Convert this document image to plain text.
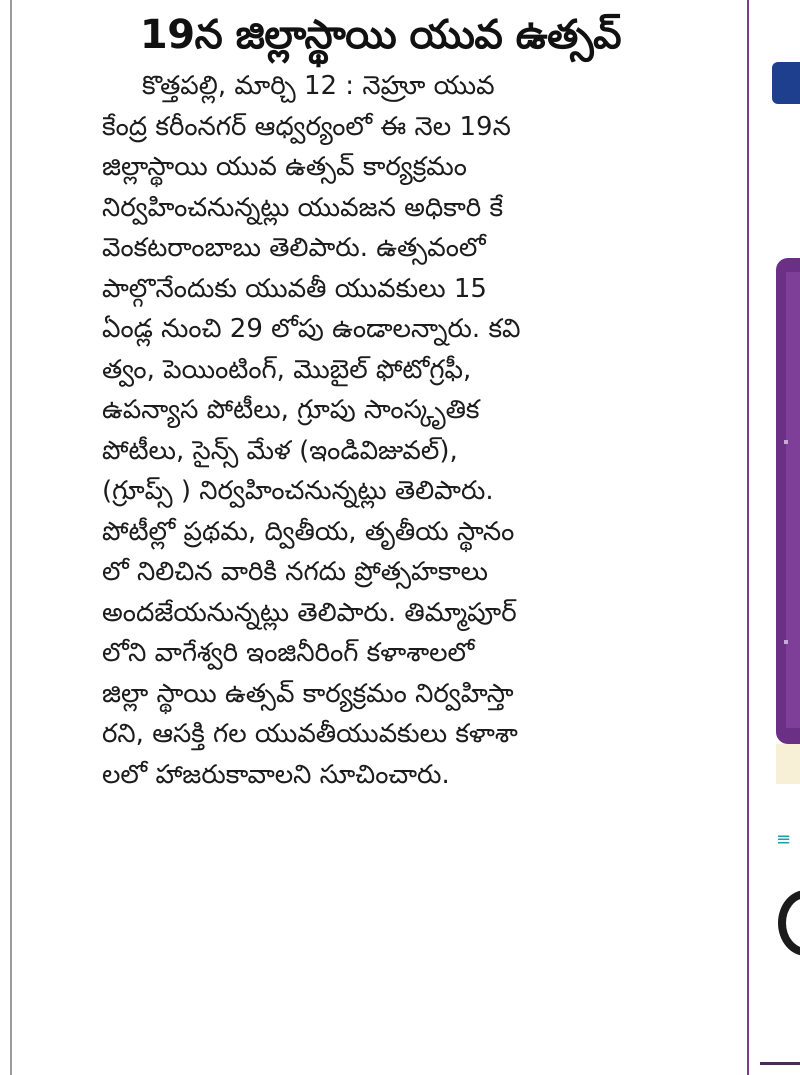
19న జిల్లాస్థాయి యువ ఉత్సవ్
కొత్తపల్లి, మార్చి 12 : నెహ్రూ యువ
కేంద్ర కరీంనగర్ ఆధ్వర్యంలో ఈ నెల 19న
జిల్లాస్థాయి యువ ఉత్సవ్ కార్యక్రమం
నిర్వహించనున్నట్లు యువజన అధికారి కే
వెంకటరాంబాబు తెలిపారు. ఉత్సవంలో
పాల్గొనేందుకు యువతీ యువకులు 15
ఏండ్ల నుంచి 29 లోపు ఉండాలన్నారు. కవి
త్వం, పెయింటింగ్, మొబైల్ ఫోటోగ్రఫీ,
ఉపన్యాస పోటీలు, గ్రూపు సాంస్కృతిక
పోటీలు, సైన్స్ మేళ (ఇండివిజువల్),
(గ్రూప్స్ ) నిర్వహించనున్నట్లు తెలిపారు.
పోటీల్లో ప్రథమ, ద్వితీయ, తృతీయ స్థానం
లో నిలిచిన వారికి నగదు ప్రోత్సహకాలు
అందజేయనున్నట్లు తెలిపారు. తిమ్మాపూర్
లోని వాగేశ్వరి ఇంజినీరింగ్ కళాశాలలో
జిల్లా స్థాయి ఉత్సవ్ కార్యక్రమం నిర్వహిస్తా
రని, ఆసక్తి గల యువతీయువకులు కళాశా
లలో హాజరుకావాలని సూచించారు.
≡
